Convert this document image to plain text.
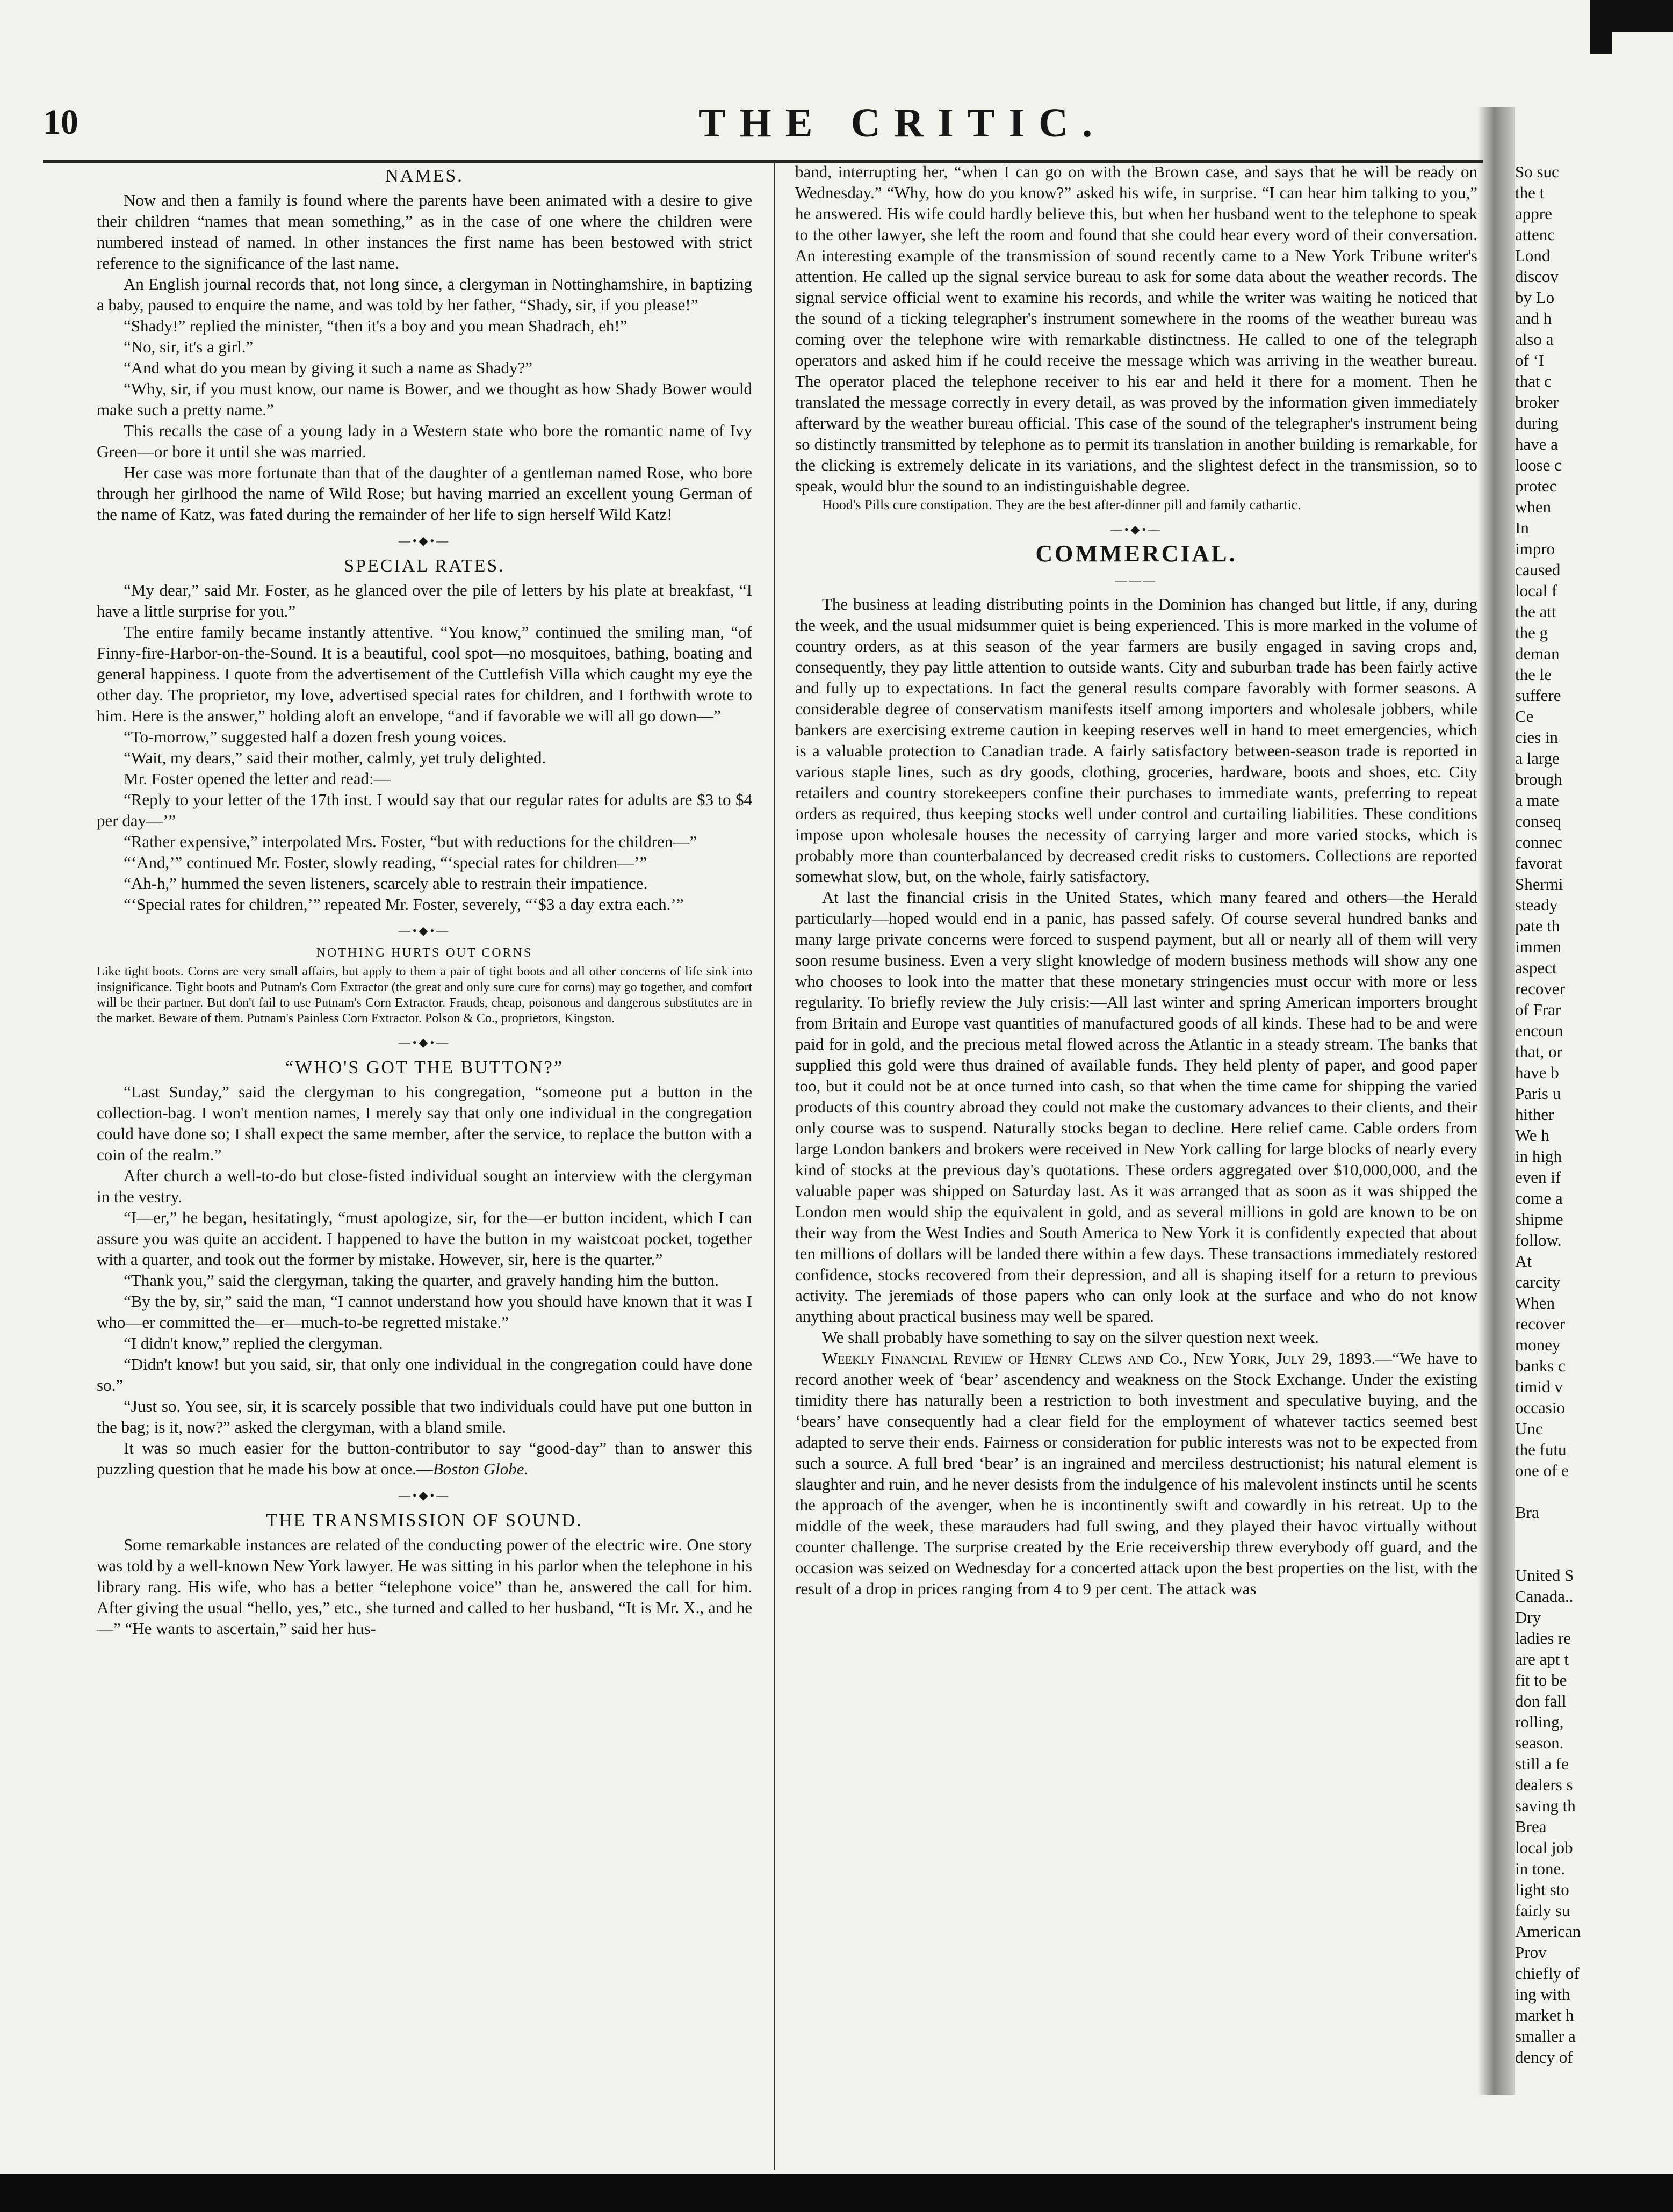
10	THE CRITIC.
NAMES.

Now and then a family is found where the parents have been animated with a desire to give their children “names that mean something,” as in the case of one where the children were numbered instead of named. In other instances the first name has been bestowed with strict reference to the significance of the last name.

An English journal records that, not long since, a clergyman in Nottinghamshire, in baptizing a baby, paused to enquire the name, and was told by her father, “Shady, sir, if you please!”

“Shady!” replied the minister, “then it's a boy and you mean Shadrach, eh!”

“No, sir, it's a girl.”

“And what do you mean by giving it such a name as Shady?”

“Why, sir, if you must know, our name is Bower, and we thought as how Shady Bower would make such a pretty name.”

This recalls the case of a young lady in a Western state who bore the romantic name of Ivy Green—or bore it until she was married.

Her case was more fortunate than that of the daughter of a gentleman named Rose, who bore through her girlhood the name of Wild Rose; but having married an excellent young German of the name of Katz, was fated during the remainder of her life to sign herself Wild Katz!

—•◆•—
SPECIAL RATES.

“My dear,” said Mr. Foster, as he glanced over the pile of letters by his plate at breakfast, “I have a little surprise for you.”

The entire family became instantly attentive. “You know,” continued the smiling man, “of Finny-fire-Harbor-on-the-Sound. It is a beautiful, cool spot—no mosquitoes, bathing, boating and general happiness. I quote from the advertisement of the Cuttlefish Villa which caught my eye the other day. The proprietor, my love, advertised special rates for children, and I forthwith wrote to him. Here is the answer,” holding aloft an envelope, “and if favorable we will all go down—”

“To-morrow,” suggested half a dozen fresh young voices.

“Wait, my dears,” said their mother, calmly, yet truly delighted.

Mr. Foster opened the letter and read:—

“Reply to your letter of the 17th inst. I would say that our regular rates for adults are $3 to $4 per day—’”

“Rather expensive,” interpolated Mrs. Foster, “but with reductions for the children—”

“‘And,’” continued Mr. Foster, slowly reading, “‘special rates for children—’”

“Ah-h,” hummed the seven listeners, scarcely able to restrain their impatience.

“‘Special rates for children,’” repeated Mr. Foster, severely, “‘$3 a day extra each.’”

—•◆•—
NOTHING HURTS OUT CORNS

Like tight boots. Corns are very small affairs, but apply to them a pair of tight boots and all other concerns of life sink into insignificance. Tight boots and Putnam's Corn Extractor (the great and only sure cure for corns) may go together, and comfort will be their partner. But don't fail to use Putnam's Corn Extractor. Frauds, cheap, poisonous and dangerous substitutes are in the market. Beware of them. Putnam's Painless Corn Extractor. Polson & Co., proprietors, Kingston.

—•◆•—
“WHO'S GOT THE BUTTON?”

“Last Sunday,” said the clergyman to his congregation, “someone put a button in the collection-bag. I won't mention names, I merely say that only one individual in the congregation could have done so; I shall expect the same member, after the service, to replace the button with a coin of the realm.”

After church a well-to-do but close-fisted individual sought an interview with the clergyman in the vestry.

“I—er,” he began, hesitatingly, “must apologize, sir, for the—er button incident, which I can assure you was quite an accident. I happened to have the button in my waistcoat pocket, together with a quarter, and took out the former by mistake. However, sir, here is the quarter.”

“Thank you,” said the clergyman, taking the quarter, and gravely handing him the button.

“By the by, sir,” said the man, “I cannot understand how you should have known that it was I who—er committed the—er—much-to-be regretted mistake.”

“I didn't know,” replied the clergyman.

“Didn't know! but you said, sir, that only one individual in the congregation could have done so.”

“Just so. You see, sir, it is scarcely possible that two individuals could have put one button in the bag; is it, now?” asked the clergyman, with a bland smile.

It was so much easier for the button-contributor to say “good-day” than to answer this puzzling question that he made his bow at once.—Boston Globe.

—•◆•—
THE TRANSMISSION OF SOUND.

Some remarkable instances are related of the conducting power of the electric wire. One story was told by a well-known New York lawyer. He was sitting in his parlor when the telephone in his library rang. His wife, who has a better “telephone voice” than he, answered the call for him. After giving the usual “hello, yes,” etc., she turned and called to her husband, “It is Mr. X., and he—” “He wants to ascertain,” said her hus-

band, interrupting her, “when I can go on with the Brown case, and says that he will be ready on Wednesday.” “Why, how do you know?” asked his wife, in surprise. “I can hear him talking to you,” he answered. His wife could hardly believe this, but when her husband went to the telephone to speak to the other lawyer, she left the room and found that she could hear every word of their conversation. An interesting example of the transmission of sound recently came to a New York Tribune writer's attention. He called up the signal service bureau to ask for some data about the weather records. The signal service official went to examine his records, and while the writer was waiting he noticed that the sound of a ticking telegrapher's instrument somewhere in the rooms of the weather bureau was coming over the telephone wire with remarkable distinctness. He called to one of the telegraph operators and asked him if he could receive the message which was arriving in the weather bureau. The operator placed the telephone receiver to his ear and held it there for a moment. Then he translated the message correctly in every detail, as was proved by the information given immediately afterward by the weather bureau official. This case of the sound of the telegrapher's instrument being so distinctly transmitted by telephone as to permit its translation in another building is remarkable, for the clicking is extremely delicate in its variations, and the slightest defect in the transmission, so to speak, would blur the sound to an indistinguishable degree.

Hood's Pills cure constipation. They are the best after-dinner pill and family cathartic.

—•◆•—
COMMERCIAL.
———

The business at leading distributing points in the Dominion has changed but little, if any, during the week, and the usual midsummer quiet is being experienced. This is more marked in the volume of country orders, as at this season of the year farmers are busily engaged in saving crops and, consequently, they pay little attention to outside wants. City and suburban trade has been fairly active and fully up to expectations. In fact the general results compare favorably with former seasons. A considerable degree of conservatism manifests itself among importers and wholesale jobbers, while bankers are exercising extreme caution in keeping reserves well in hand to meet emergencies, which is a valuable protection to Canadian trade. A fairly satisfactory between-season trade is reported in various staple lines, such as dry goods, clothing, groceries, hardware, boots and shoes, etc. City retailers and country storekeepers confine their purchases to immediate wants, preferring to repeat orders as required, thus keeping stocks well under control and curtailing liabilities. These conditions impose upon wholesale houses the necessity of carrying larger and more varied stocks, which is probably more than counterbalanced by decreased credit risks to customers. Collections are reported somewhat slow, but, on the whole, fairly satisfactory.

At last the financial crisis in the United States, which many feared and others—the Herald particularly—hoped would end in a panic, has passed safely. Of course several hundred banks and many large private concerns were forced to suspend payment, but all or nearly all of them will very soon resume business. Even a very slight knowledge of modern business methods will show any one who chooses to look into the matter that these monetary stringencies must occur with more or less regularity. To briefly review the July crisis:—All last winter and spring American importers brought from Britain and Europe vast quantities of manufactured goods of all kinds. These had to be and were paid for in gold, and the precious metal flowed across the Atlantic in a steady stream. The banks that supplied this gold were thus drained of available funds. They held plenty of paper, and good paper too, but it could not be at once turned into cash, so that when the time came for shipping the varied products of this country abroad they could not make the customary advances to their clients, and their only course was to suspend. Naturally stocks began to decline. Here relief came. Cable orders from large London bankers and brokers were received in New York calling for large blocks of nearly every kind of stocks at the previous day's quotations. These orders aggregated over $10,000,000, and the valuable paper was shipped on Saturday last. As it was arranged that as soon as it was shipped the London men would ship the equivalent in gold, and as several millions in gold are known to be on their way from the West Indies and South America to New York it is confidently expected that about ten millions of dollars will be landed there within a few days. These transactions immediately restored confidence, stocks recovered from their depression, and all is shaping itself for a return to previous activity. The jeremiads of those papers who can only look at the surface and who do not know anything about practical business may well be spared.

We shall probably have something to say on the silver question next week.

Weekly Financial Review of Henry Clews and Co., New York, July 29, 1893.—“We have to record another week of ‘bear’ ascendency and weakness on the Stock Exchange. Under the existing timidity there has naturally been a restriction to both investment and speculative buying, and the ‘bears’ have consequently had a clear field for the employment of whatever tactics seemed best adapted to serve their ends. Fairness or consideration for public interests was not to be expected from such a source. A full bred ‘bear’ is an ingrained and merciless destructionist; his natural element is slaughter and ruin, and he never desists from the indulgence of his malevolent instincts until he scents the approach of the avenger, when he is incontinently swift and cowardly in his retreat. Up to the middle of the week, these marauders had full swing, and they played their havoc virtually without counter challenge. The surprise created by the Erie receivership threw everybody off guard, and the occasion was seized on Wednesday for a concerted attack upon the best properties on the list, with the result of a drop in prices ranging from 4 to 9 per cent. The attack was

So suc
the t
appre
attenc
Lond
discov
by Lo
and h
also a
of ‘I
that c
broker
during
have a
loose c
protec
when
In
impro
caused
local f
the att
the g
deman
the le
suffere
Ce
cies in
a large
brough
a mate
conseq
connec
favorat
Shermi
steady
pate th
immen
aspect
recover
of Frar
encoun
that, or
have b
Paris u
hither
We h
in high
even if
come a
shipme
follow.
At
carcity
When
recover
money
banks c
timid v
occasio
Unc
the futu
one of e
Bra
United S
Canada..
Dry
ladies re
are apt t
fit to be
don fall
rolling,
season.
still a fe
dealers s
saving th
Brea
local job
in tone.
light sto
fairly su
American
Prov
chiefly of
ing with
market h
smaller a
dency of
